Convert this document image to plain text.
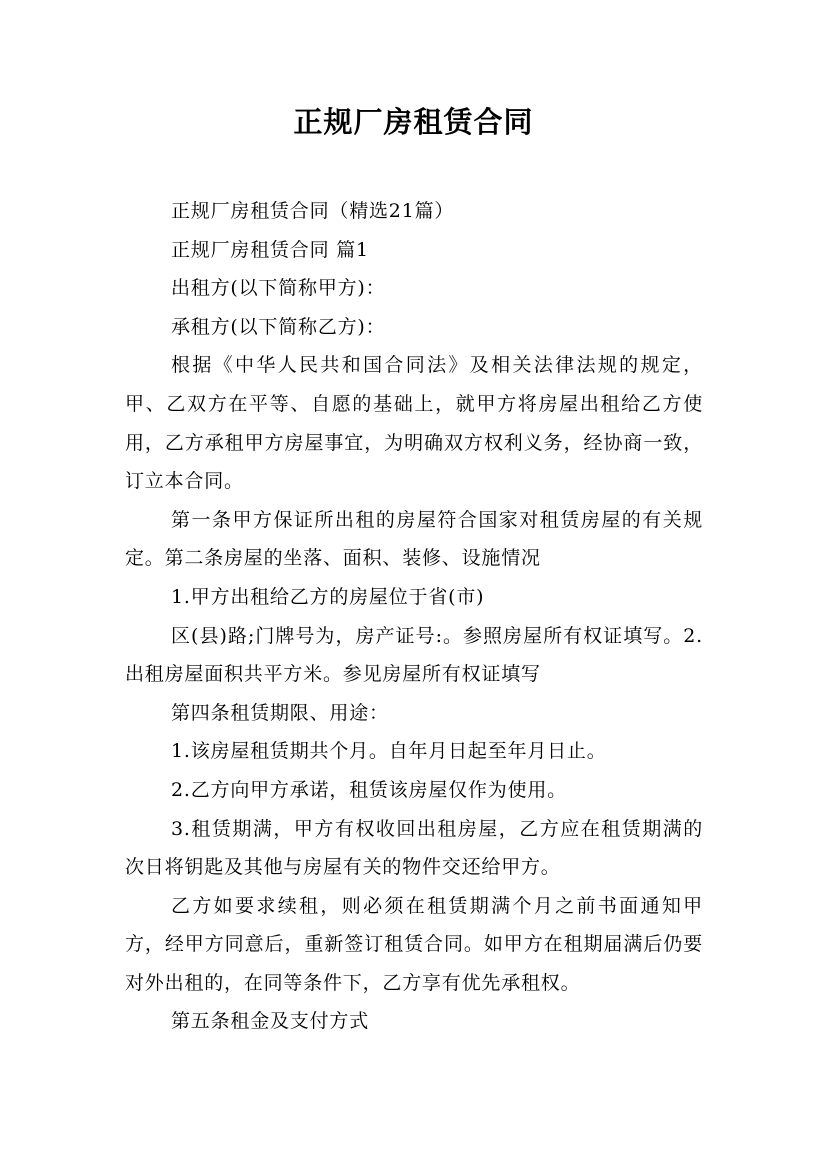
正规厂房租赁合同

正规厂房租赁合同（精选21篇）

正规厂房租赁合同 篇1

出租方(以下简称甲方)：

承租方(以下简称乙方)：

根据《中华人民共和国合同法》及相关法律法规的规定，甲、乙双方在平等、自愿的基础上，就甲方将房屋出租给乙方使用，乙方承租甲方房屋事宜，为明确双方权利义务，经协商一致，订立本合同。

第一条甲方保证所出租的房屋符合国家对租赁房屋的有关规定。第二条房屋的坐落、面积、装修、设施情况

1.甲方出租给乙方的房屋位于省(市)

区(县)路;门牌号为，房产证号:。参照房屋所有权证填写。2.出租房屋面积共平方米。参见房屋所有权证填写

第四条租赁期限、用途：

1.该房屋租赁期共个月。自年月日起至年月日止。

2.乙方向甲方承诺，租赁该房屋仅作为使用。

3.租赁期满，甲方有权收回出租房屋，乙方应在租赁期满的次日将钥匙及其他与房屋有关的物件交还给甲方。

乙方如要求续租，则必须在租赁期满个月之前书面通知甲方，经甲方同意后，重新签订租赁合同。如甲方在租期届满后仍要对外出租的，在同等条件下，乙方享有优先承租权。

第五条租金及支付方式
